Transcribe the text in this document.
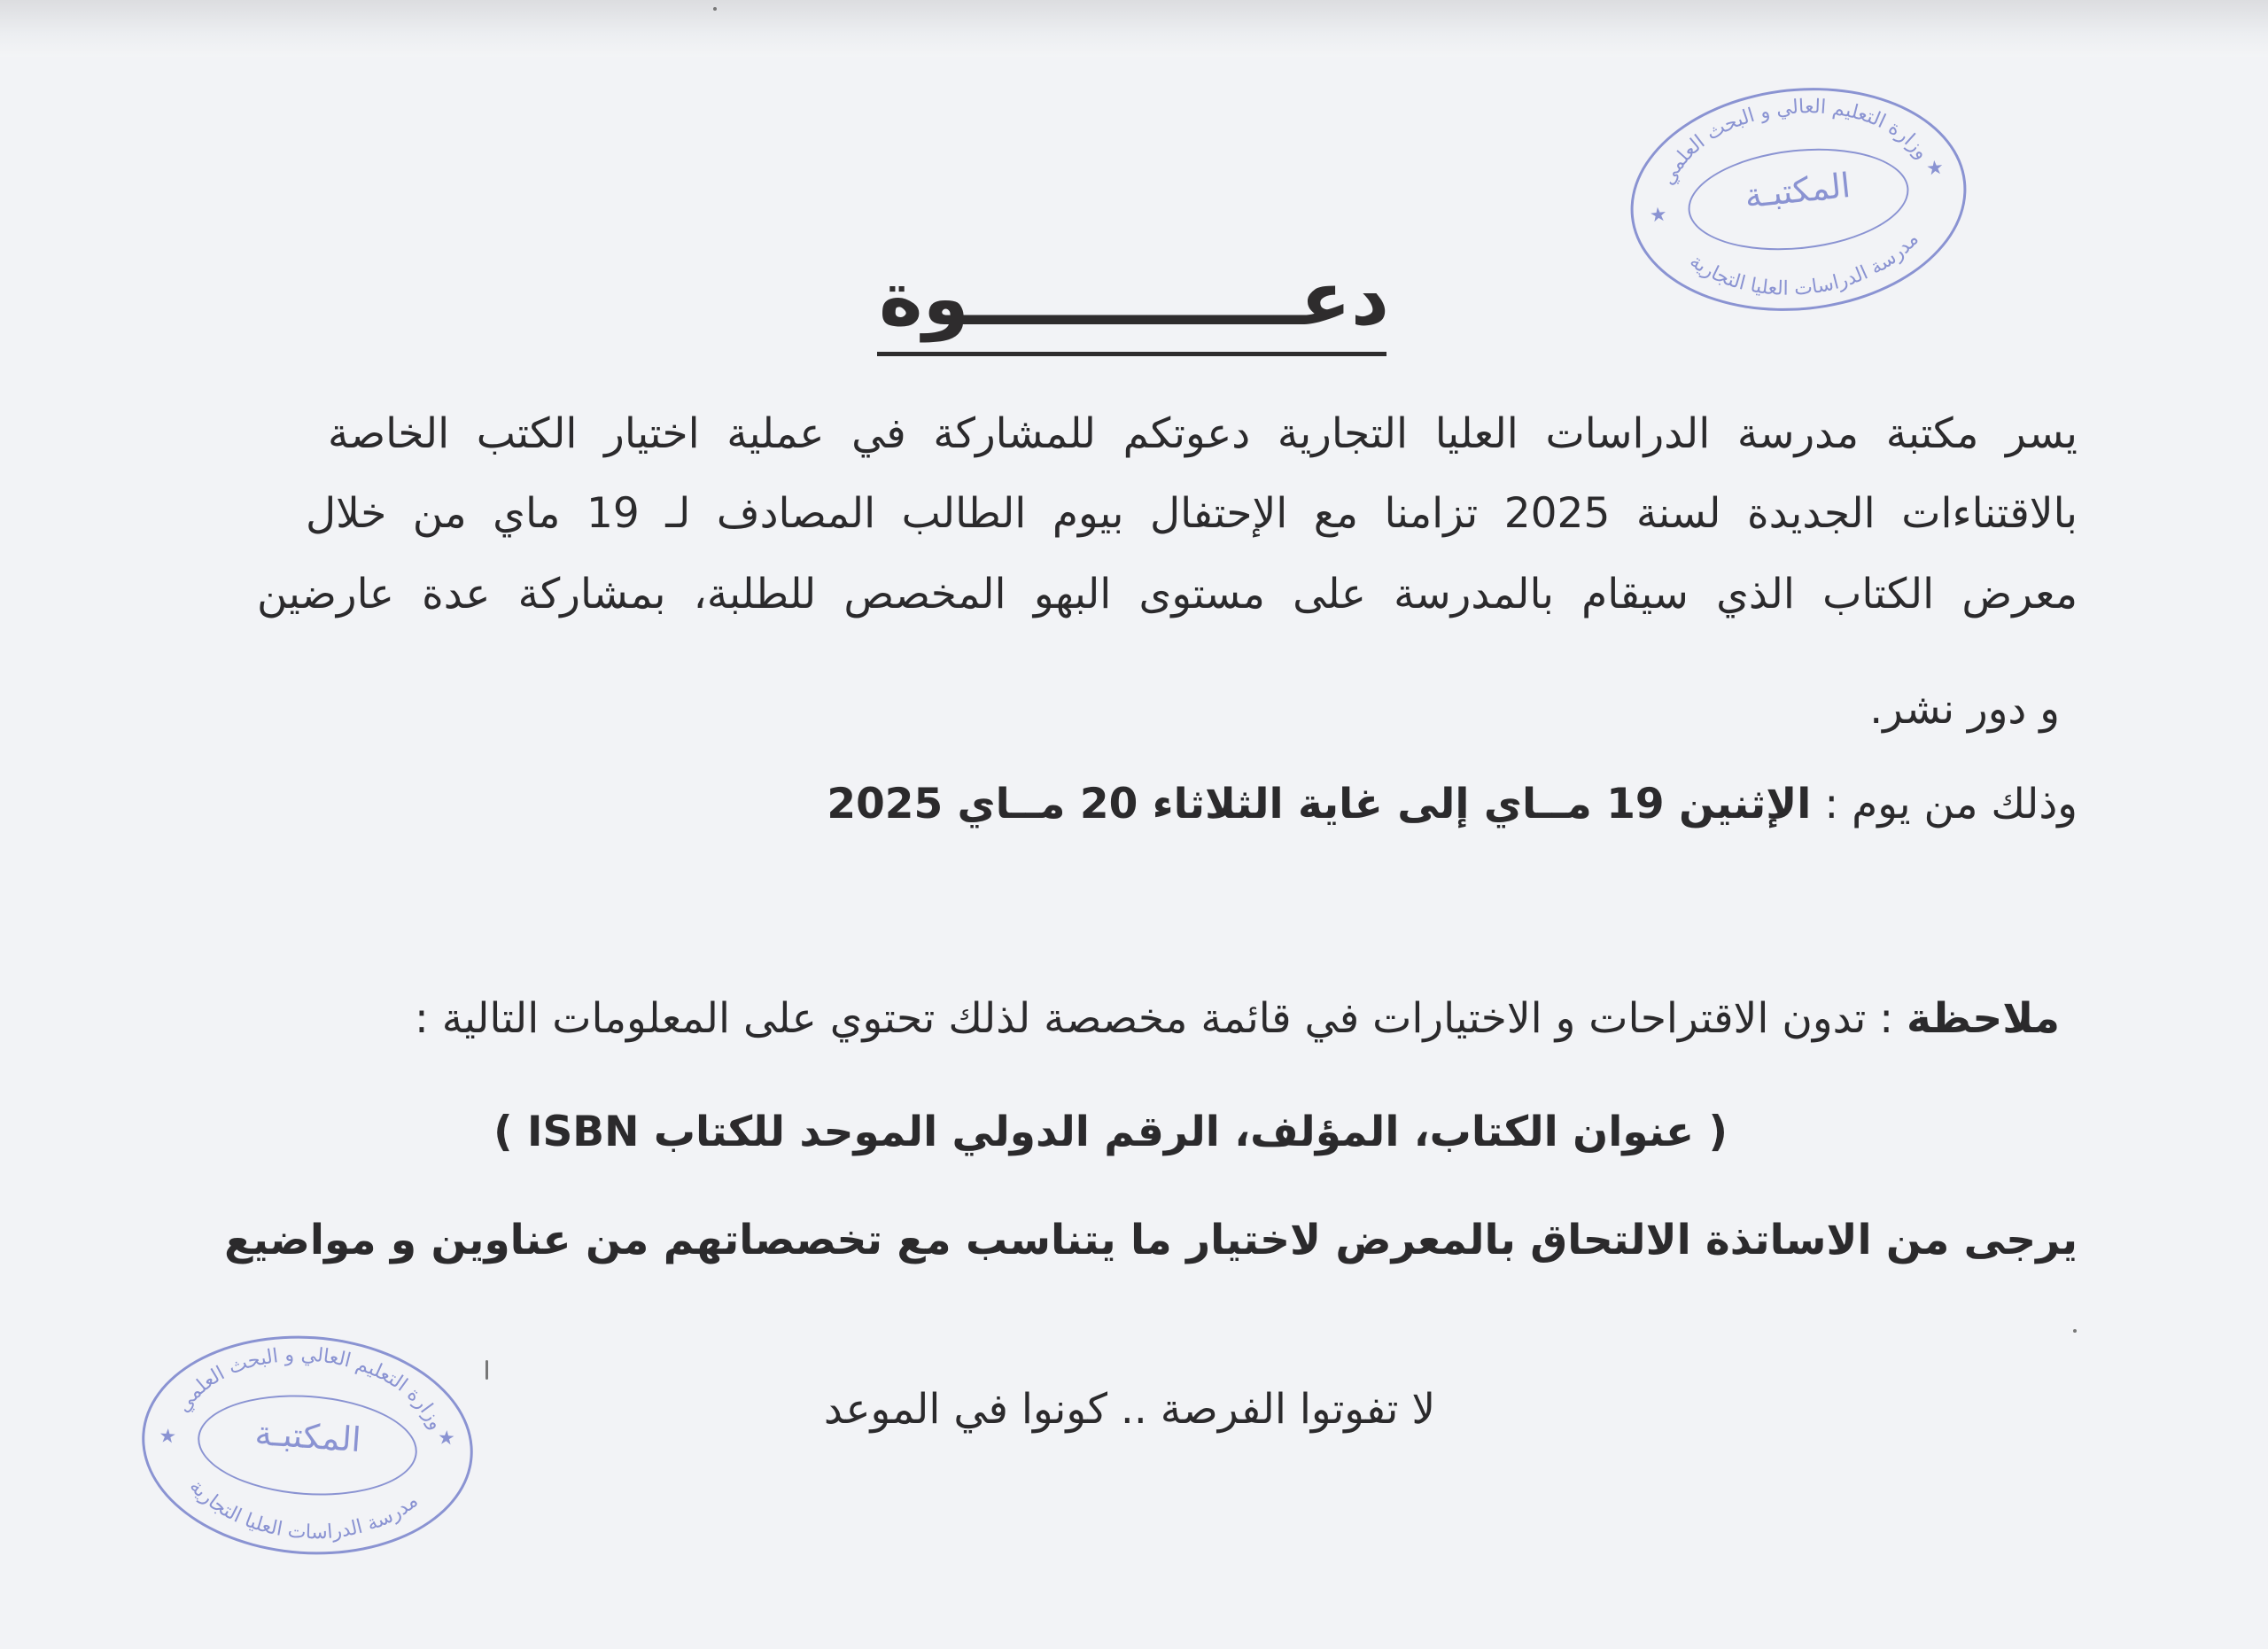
وزارة التعليم العالي و البحث العلمي
مدرسة الدراسات العليا التجارية
★
★
المكتبـة
وزارة التعليم العالي و البحث العلمي
مدرسة الدراسات العليا التجارية
★	★
المكتبـة
دعـــــــــــــوة
يسر مكتبة مدرسة الدراسات العليا التجارية دعوتكم للمشاركة في عملية اختيار الكتب الخاصة
بالاقتناءات الجديدة لسنة 2025 تزامنا مع الإحتفال بيوم الطالب المصادف لـ 19 ماي من خلال
معرض الكتاب الذي سيقام بالمدرسة على مستوى البهو المخصص للطلبة، بمشاركة عدة عارضين
و دور نشر.
وذلك من يوم : الإثنين 19 مــاي إلى غاية الثلاثاء 20 مــاي 2025
ملاحظة : تدون الاقتراحات و الاختيارات في قائمة مخصصة لذلك تحتوي على المعلومات التالية :
( عنوان الكتاب، المؤلف، الرقم الدولي الموحد للكتاب ISBN )
يرجى من الاساتذة الالتحاق بالمعرض لاختيار ما يتناسب مع تخصصاتهم من عناوين و مواضيع
لا تفوتوا الفرصة .. كونوا في الموعد
